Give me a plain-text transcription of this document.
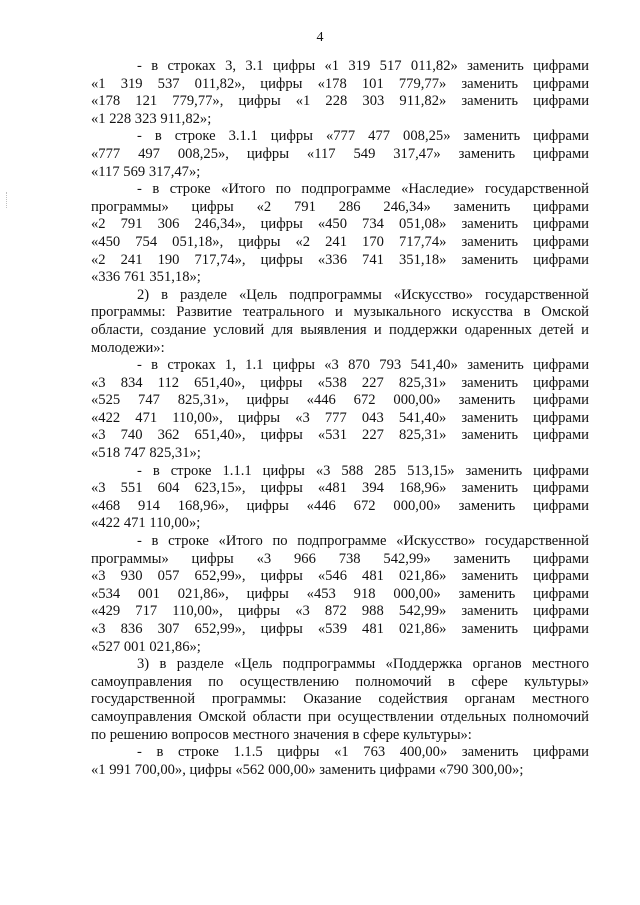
4
- в строках 3, 3.1 цифры «1 319 517 011,82» заменить цифрами
«1 319 537 011,82», цифры «178 101 779,77» заменить цифрами
«178 121 779,77», цифры «1 228 303 911,82» заменить цифрами
«1 228 323 911,82»;
- в строке 3.1.1 цифры «777 477 008,25» заменить цифрами
«777 497 008,25», цифры «117 549 317,47» заменить цифрами
«117 569 317,47»;
- в строке «Итого по подпрограмме «Наследие» государственной
программы» цифры «2 791 286 246,34» заменить цифрами
«2 791 306 246,34», цифры «450 734 051,08» заменить цифрами
«450 754 051,18», цифры «2 241 170 717,74» заменить цифрами
«2 241 190 717,74», цифры «336 741 351,18» заменить цифрами
«336 761 351,18»;
2) в разделе «Цель подпрограммы «Искусство» государственной
программы: Развитие театрального и музыкального искусства в Омской
области, создание условий для выявления и поддержки одаренных детей и
молодежи»:
- в строках 1, 1.1 цифры «3 870 793 541,40» заменить цифрами
«3 834 112 651,40», цифры «538 227 825,31» заменить цифрами
«525 747 825,31», цифры «446 672 000,00» заменить цифрами
«422 471 110,00», цифры «3 777 043 541,40» заменить цифрами
«3 740 362 651,40», цифры «531 227 825,31» заменить цифрами
«518 747 825,31»;
- в строке 1.1.1 цифры «3 588 285 513,15» заменить цифрами
«3 551 604 623,15», цифры «481 394 168,96» заменить цифрами
«468 914 168,96», цифры «446 672 000,00» заменить цифрами
«422 471 110,00»;
- в строке «Итого по подпрограмме «Искусство» государственной
программы» цифры «3 966 738 542,99» заменить цифрами
«3 930 057 652,99», цифры «546 481 021,86» заменить цифрами
«534 001 021,86», цифры «453 918 000,00» заменить цифрами
«429 717 110,00», цифры «3 872 988 542,99» заменить цифрами
«3 836 307 652,99», цифры «539 481 021,86» заменить цифрами
«527 001 021,86»;
3) в разделе «Цель подпрограммы «Поддержка органов местного
самоуправления по осуществлению полномочий в сфере культуры»
государственной программы: Оказание содействия органам местного
самоуправления Омской области при осуществлении отдельных полномочий
по решению вопросов местного значения в сфере культуры»:
- в строке 1.1.5 цифры «1 763 400,00» заменить цифрами
«1 991 700,00», цифры «562 000,00» заменить цифрами «790 300,00»;
